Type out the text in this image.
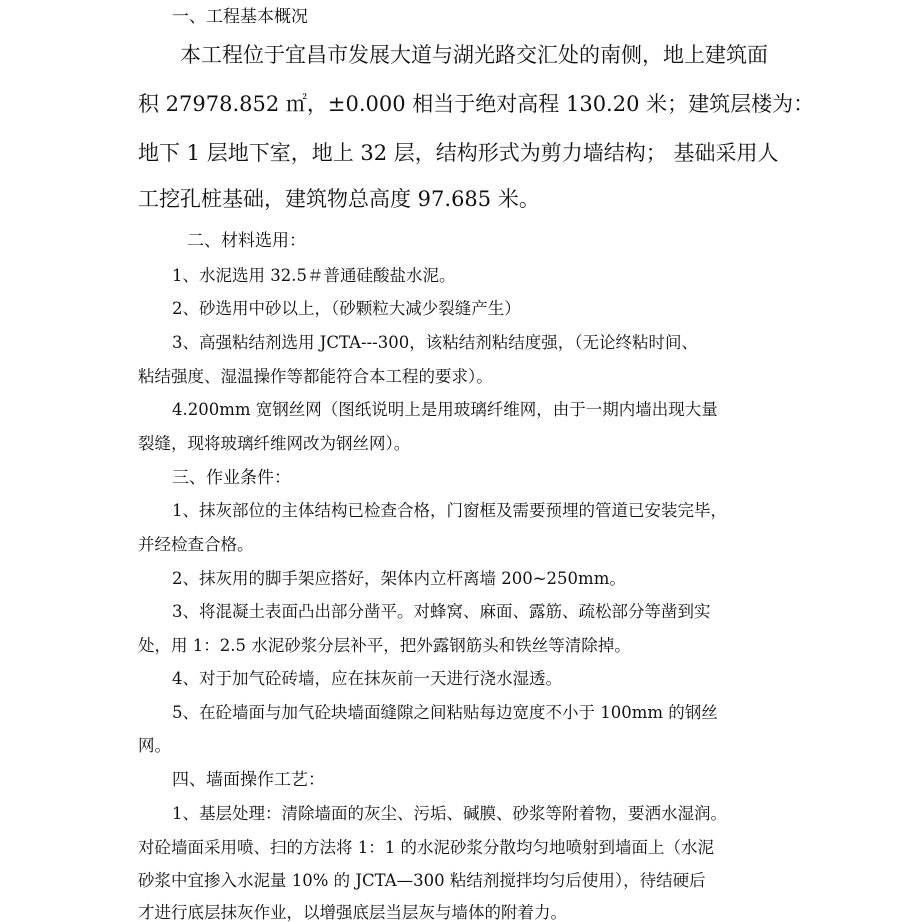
一、工程基本概况
本工程位于宜昌市发展大道与湖光路交汇处的南侧，地上建筑面
积 27978.852 ㎡，±0.000 相当于绝对高程 130.20 米；建筑层楼为：
地下 1 层地下室，地上 32 层，结构形式为剪力墙结构； 基础采用人
工挖孔桩基础，建筑物总高度 97.685 米。
二、材料选用：
1、水泥选用 32.5＃普通硅酸盐水泥。
2、砂选用中砂以上，（砂颗粒大减少裂缝产生）
3、高强粘结剂选用 JCTA---300，该粘结剂粘结度强，（无论终粘时间、
粘结强度、湿温操作等都能符合本工程的要求）。
4.200mm 宽钢丝网（图纸说明上是用玻璃纤维网，由于一期内墙出现大量
裂缝，现将玻璃纤维网改为钢丝网）。
三、作业条件：
1、抹灰部位的主体结构已检查合格，门窗框及需要预埋的管道已安装完毕，
并经检查合格。
2、抹灰用的脚手架应搭好，架体内立杆离墙 200~250mm。
3、将混凝土表面凸出部分凿平。对蜂窝、麻面、露筋、疏松部分等凿到实
处，用 1：2.5 水泥砂浆分层补平，把外露钢筋头和铁丝等清除掉。
4、对于加气砼砖墙，应在抹灰前一天进行浇水湿透。
5、在砼墙面与加气砼块墙面缝隙之间粘贴每边宽度不小于 100mm 的钢丝
网。
四、墙面操作工艺：
1、基层处理：清除墙面的灰尘、污垢、碱膜、砂浆等附着物，要洒水湿润。
对砼墙面采用喷、扫的方法将 1：1 的水泥砂浆分散均匀地喷射到墙面上（水泥
砂浆中宜掺入水泥量 10% 的 JCTA—300 粘结剂搅拌均匀后使用），待结硬后
才进行底层抹灰作业，以增强底层当层灰与墙体的附着力。
